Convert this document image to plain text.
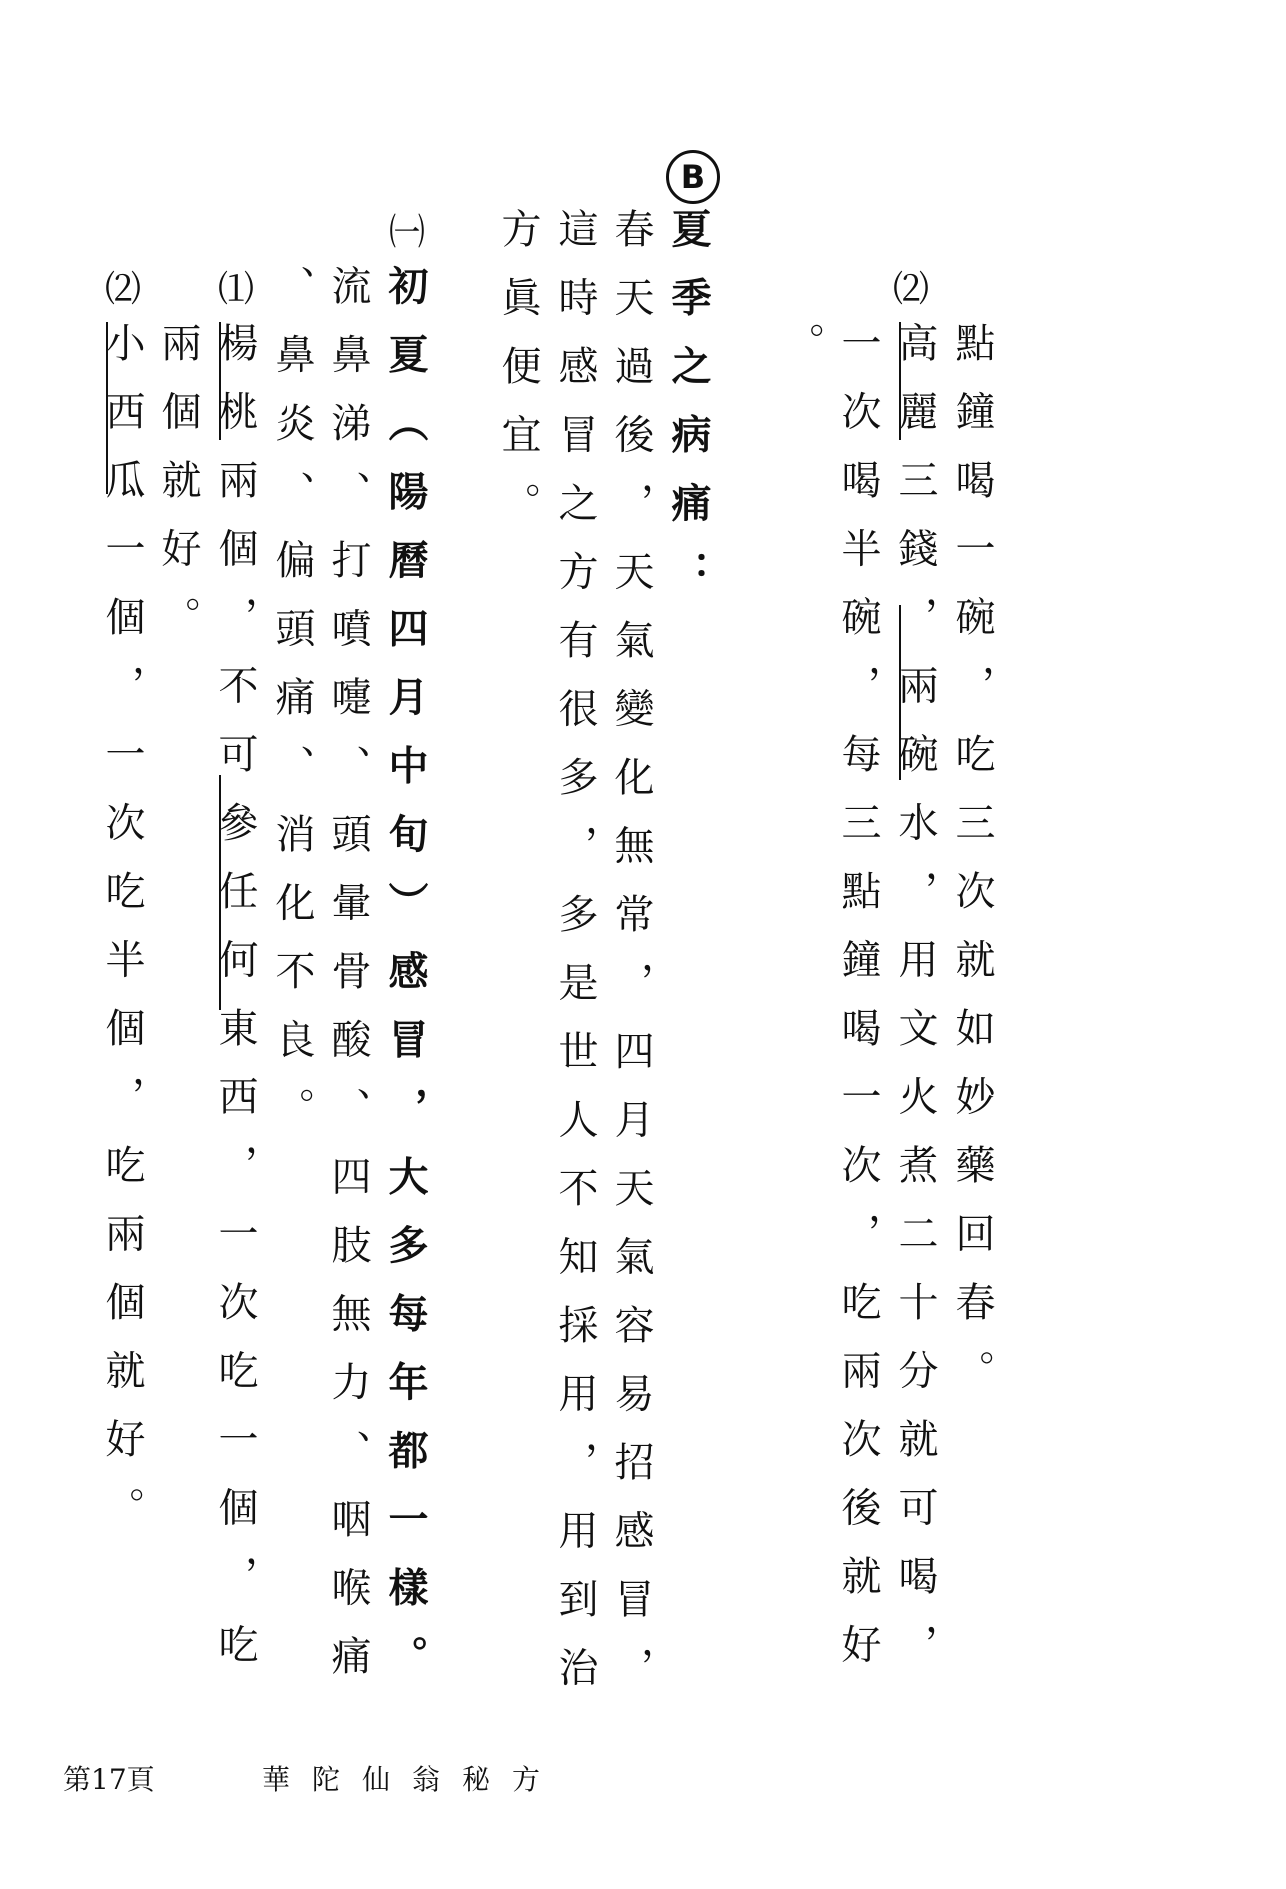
⑵
點鐘喝一碗，吃三次就如妙藥回春。
高麗三錢，兩碗水，用文火煮二十分就可喝，
一次喝半碗，每三點鐘喝一次，吃兩次後就好
。
B
夏季之病痛：
春天過後，天氣變化無常，四月天氣容易招感冒，
這時感冒之方有很多，多是世人不知採用，用到治
方眞便宜。
㈠
初夏︵陽曆四月中旬︶感冒，大多每年都一樣。
流鼻涕、打噴嚏、頭暈骨酸、四肢無力、咽喉痛
、鼻炎、偏頭痛、消化不良。
⑴
楊桃兩個，不可參任何東西，一次吃一個，吃
兩個就好。
⑵
小西瓜一個，一次吃半個，吃兩個就好。
第17頁	華陀仙翁秘方
